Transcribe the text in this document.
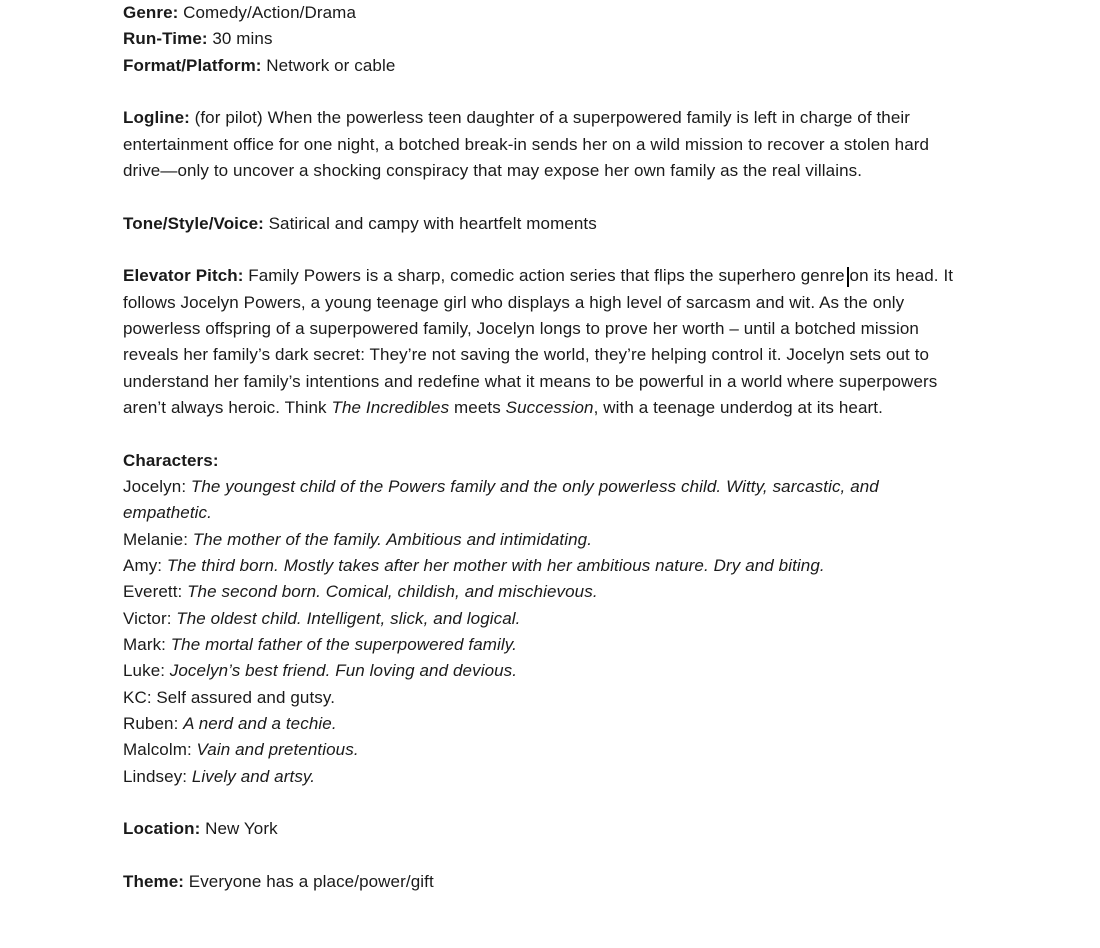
Genre: Comedy/Action/Drama

Run-Time: 30 mins

Format/Platform: Network or cable

Logline: (for pilot) When the powerless teen daughter of a superpowered family is left in charge of their entertainment office for one night, a botched break-in sends her on a wild mission to recover a stolen hard drive—only to uncover a shocking conspiracy that may expose her own family as the real villains.

Tone/Style/Voice: Satirical and campy with heartfelt moments

Elevator Pitch: Family Powers is a sharp, comedic action series that flips the superhero genre on its head. It follows Jocelyn Powers, a young teenage girl who displays a high level of sarcasm and wit. As the only powerless offspring of a superpowered family, Jocelyn longs to prove her worth – until a botched mission reveals her family’s dark secret: They’re not saving the world, they’re helping control it. Jocelyn sets out to understand her family’s intentions and redefine what it means to be powerful in a world where superpowers aren’t always heroic. Think The Incredibles meets Succession, with a teenage underdog at its heart.

Characters:

Jocelyn: The youngest child of the Powers family and the only powerless child. Witty, sarcastic, and empathetic.

Melanie: The mother of the family. Ambitious and intimidating.

Amy: The third born. Mostly takes after her mother with her ambitious nature. Dry and biting.

Everett: The second born. Comical, childish, and mischievous.

Victor: The oldest child. Intelligent, slick, and logical.

Mark: The mortal father of the superpowered family.

Luke: Jocelyn’s best friend. Fun loving and devious.

KC: Self assured and gutsy.

Ruben: A nerd and a techie.

Malcolm: Vain and pretentious.

Lindsey: Lively and artsy.

Location: New York

Theme: Everyone has a place/power/gift
